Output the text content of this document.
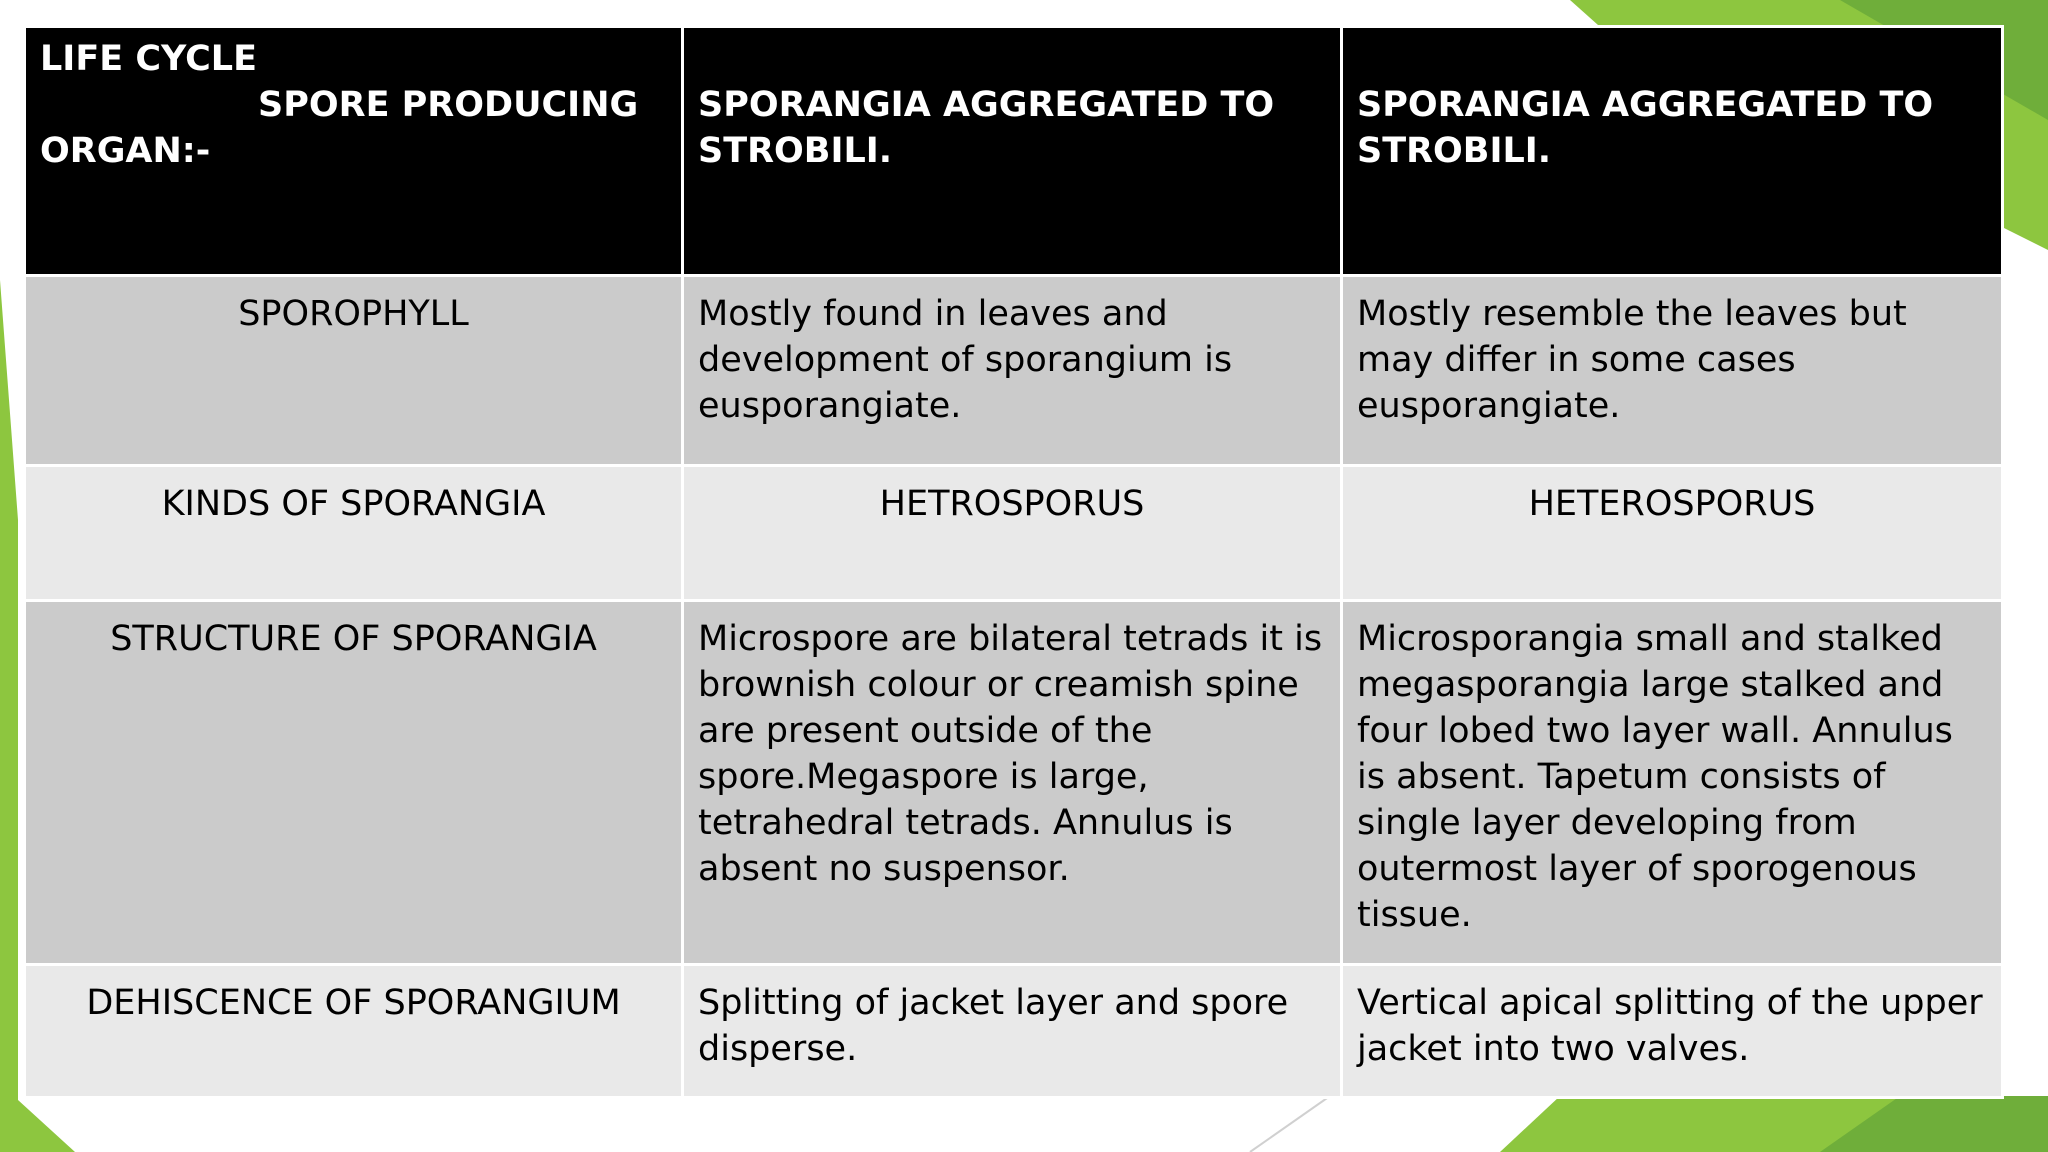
LIFE CYCLE
SPORE PRODUCING
ORGAN:-	SPORANGIA AGGREGATED TO STROBILI.	SPORANGIA AGGREGATED TO STROBILI.
SPOROPHYLL	Mostly found in leaves and development of sporangium is eusporangiate.	Mostly resemble the leaves but may differ in some cases eusporangiate.
KINDS OF SPORANGIA	HETROSPORUS	HETEROSPORUS
STRUCTURE OF SPORANGIA	Microspore are bilateral tetrads it is brownish colour or creamish spine are present outside of the spore.Megaspore is large, tetrahedral tetrads. Annulus is absent no suspensor.	Microsporangia small and stalked megasporangia large stalked and four lobed two layer wall. Annulus is absent. Tapetum consists of single layer developing from outermost layer of sporogenous tissue.
DEHISCENCE OF SPORANGIUM	Splitting of jacket layer and spore disperse.	Vertical apical splitting of the upper jacket into two valves.
